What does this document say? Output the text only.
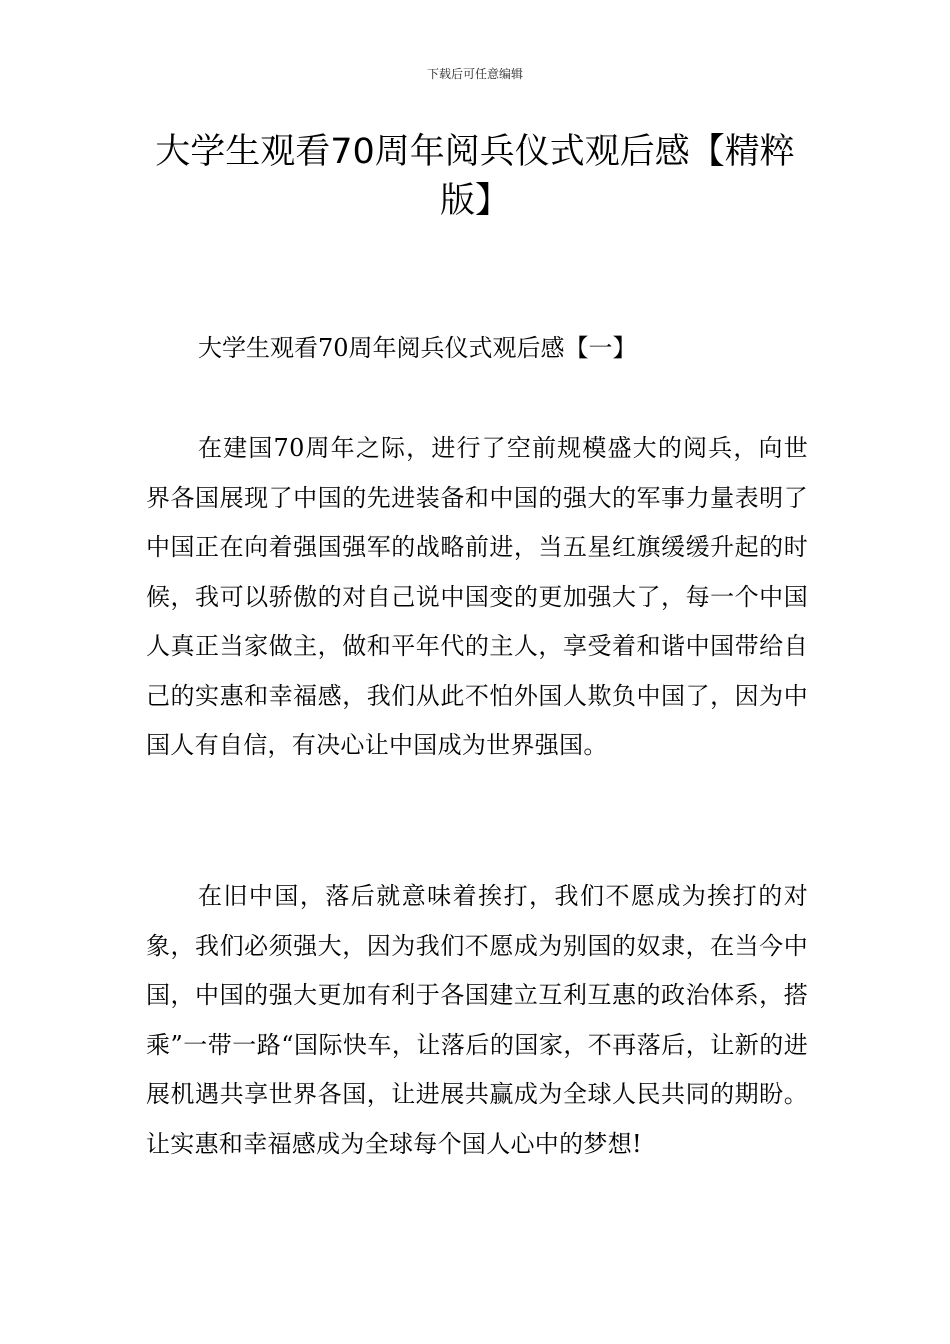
下载后可任意编辑
大学生观看70周年阅兵仪式观后感【精粹版】

大学生观看70周年阅兵仪式观后感【一】

在建国70周年之际，进行了空前规模盛大的阅兵，向世界各国展现了中国的先进装备和中国的强大的军事力量表明了中国正在向着强国强军的战略前进，当五星红旗缓缓升起的时候，我可以骄傲的对自己说中国变的更加强大了，每一个中国人真正当家做主，做和平年代的主人，享受着和谐中国带给自己的实惠和幸福感，我们从此不怕外国人欺负中国了，因为中国人有自信，有决心让中国成为世界强国。

在旧中国，落后就意味着挨打，我们不愿成为挨打的对象，我们必须强大，因为我们不愿成为别国的奴隶，在当今中国，中国的强大更加有利于各国建立互利互惠的政治体系，搭乘”一带一路“国际快车，让落后的国家，不再落后，让新的进展机遇共享世界各国，让进展共赢成为全球人民共同的期盼。让实惠和幸福感成为全球每个国人心中的梦想!
